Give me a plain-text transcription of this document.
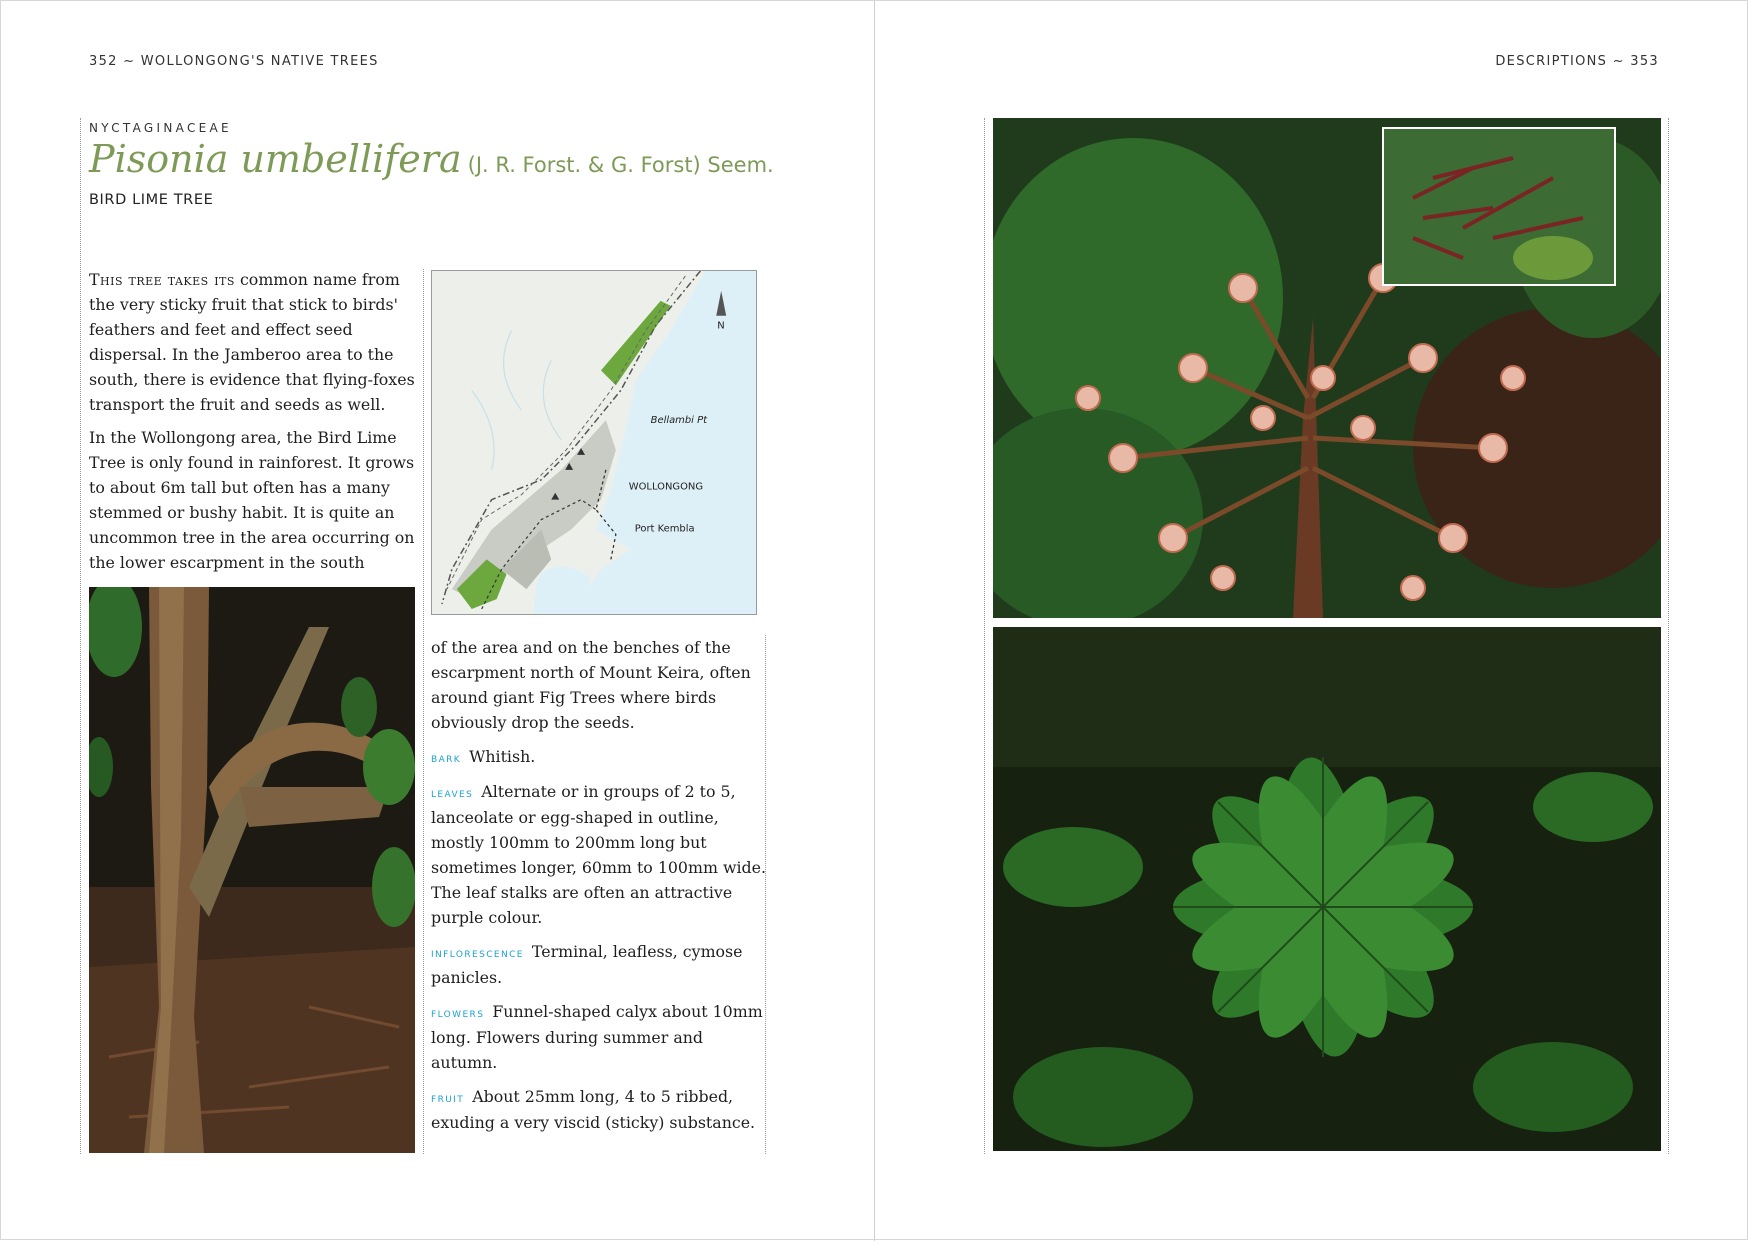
352 ~ WOLLONGONG'S NATIVE TREES
NYCTAGINACEAE
Pisonia umbellifera (J. R. Forst. & G. Forst) Seem.
BIRD LIME TREE

This tree takes its common name from the very sticky fruit that stick to birds' feathers and feet and effect seed dispersal. In the Jamberoo area to the south, there is evidence that flying-foxes transport the fruit and seeds as well.

In the Wollongong area, the Bird Lime Tree is only found in rainforest. It grows to about 6m tall but often has a many stemmed or bushy habit. It is quite an uncommon tree in the area occurring on the lower escarpment in the south

N
Bellambi Pt
WOLLONGONG
Port Kembla

of the area and on the benches of the escarpment north of Mount Keira, often around giant Fig Trees where birds obviously drop the seeds.

bark Whitish.

leaves Alternate or in groups of 2 to 5, lanceolate or egg-shaped in outline, mostly 100mm to 200mm long but sometimes longer, 60mm to 100mm wide. The leaf stalks are often an attractive purple colour.

inflorescence Terminal, leafless, cymose panicles.

flowers Funnel-shaped calyx about 10mm long. Flowers during summer and autumn.

fruit About 25mm long, 4 to 5 ribbed, exuding a very viscid (sticky) substance.

DESCRIPTIONS ~ 353
